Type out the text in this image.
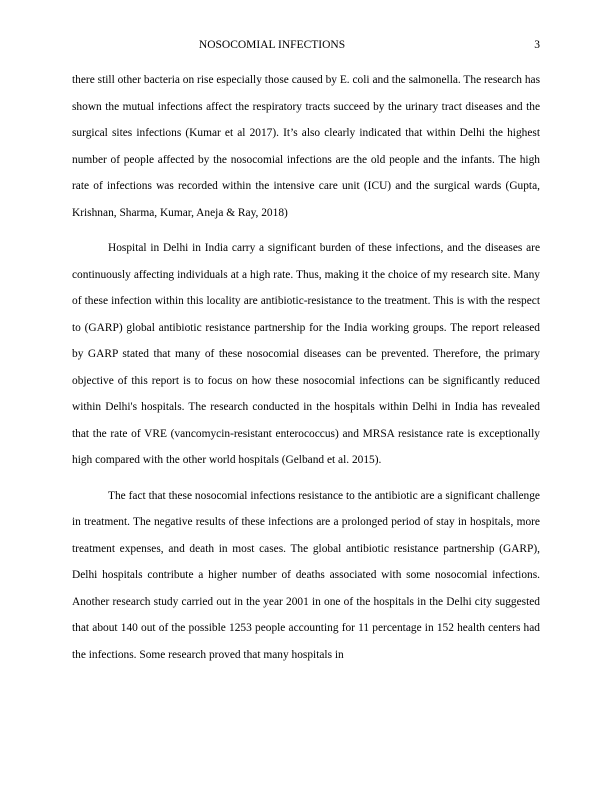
NOSOCOMIAL INFECTIONS	3

there still other bacteria on rise especially those caused by E. coli and the salmonella. The research has shown the mutual infections affect the respiratory tracts succeed by the urinary tract diseases and the surgical sites infections (Kumar et al 2017). It’s also clearly indicated that within Delhi the highest number of people affected by the nosocomial infections are the old people and the infants. The high rate of infections was recorded within the intensive care unit (ICU) and the surgical wards (Gupta, Krishnan, Sharma, Kumar, Aneja & Ray, 2018)

Hospital in Delhi in India carry a significant burden of these infections, and the diseases are continuously affecting individuals at a high rate. Thus, making it the choice of my research site. Many of these infection within this locality are antibiotic-resistance to the treatment. This is with the respect to (GARP) global antibiotic resistance partnership for the India working groups. The report released by GARP stated that many of these nosocomial diseases can be prevented. Therefore, the primary objective of this report is to focus on how these nosocomial infections can be significantly reduced within Delhi's hospitals. The research conducted in the hospitals within Delhi in India has revealed that the rate of VRE (vancomycin-resistant enterococcus) and MRSA resistance rate is exceptionally high compared with the other world hospitals (Gelband et al. 2015).

The fact that these nosocomial infections resistance to the antibiotic are a significant challenge in treatment. The negative results of these infections are a prolonged period of stay in hospitals, more treatment expenses, and death in most cases. The global antibiotic resistance partnership (GARP), Delhi hospitals contribute a higher number of deaths associated with some nosocomial infections. Another research study carried out in the year 2001 in one of the hospitals in the Delhi city suggested that about 140 out of the possible 1253 people accounting for 11 percentage in 152 health centers had the infections. Some research proved that many hospitals in
